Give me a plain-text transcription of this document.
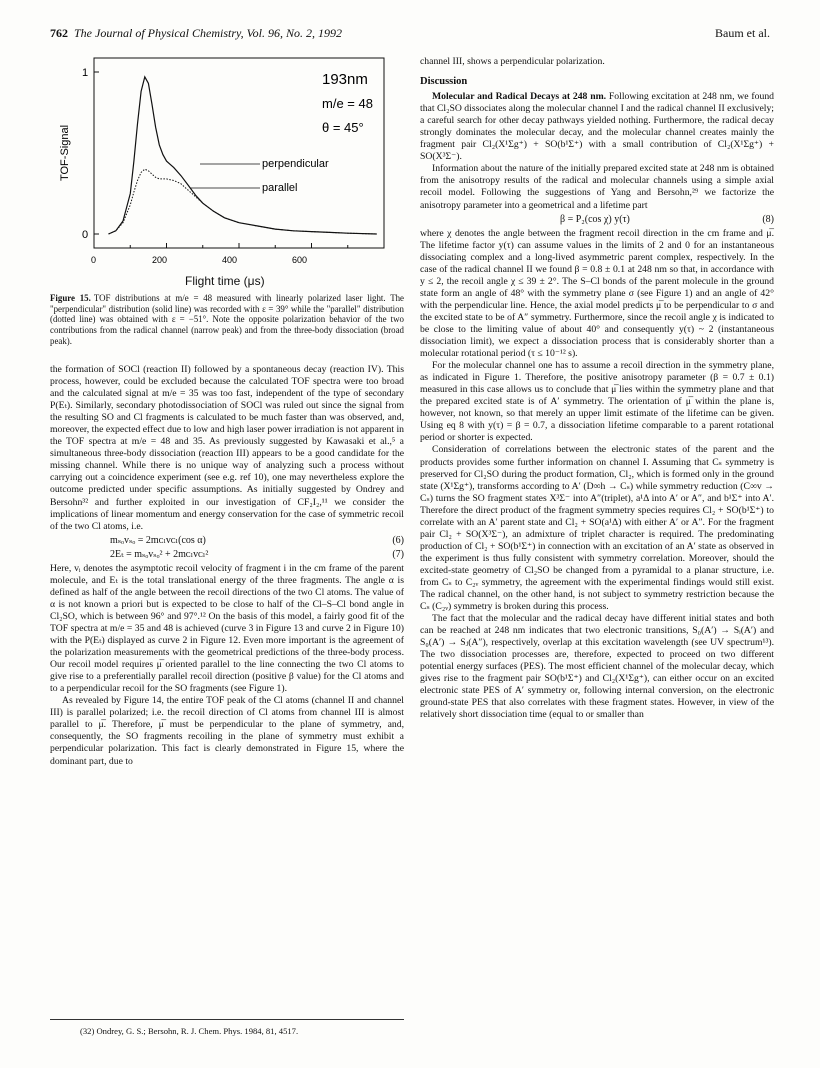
762 The Journal of Physical Chemistry, Vol. 96, No. 2, 1992	Baum et al.
1
0
0	200	400	600
TOF-Signal
193nm
m/e = 48
θ = 45°
perpendicular
parallel
Flight time (μs)
Figure 15. TOF distributions at m/e = 48 measured with linearly polarized laser light. The "perpendicular" distribution (solid line) was recorded with ε = 39° while the "parallel" distribution (dotted line) was obtained with ε = −51°. Note the opposite polarization behavior of the two contributions from the radical channel (narrow peak) and from the three-body dissociation (broad peak).

the formation of SOCl (reaction II) followed by a spontaneous decay (reaction IV). This process, however, could be excluded because the calculated TOF spectra were too broad and the calculated signal at m/e = 35 was too fast, independent of the type of secondary P(Eₜ). Similarly, secondary photodissociation of SOCl was ruled out since the signal from the resulting SO and Cl fragments is calculated to be much faster than was observed, and, moreover, the expected effect due to low and high laser power irradiation is not apparent in the TOF spectra at m/e = 48 and 35. As previously suggested by Kawasaki et al.,⁵ a simultaneous three-body dissociation (reaction III) appears to be a good candidate for the missing channel. While there is no unique way of analyzing such a process without carrying out a coincidence experiment (see e.g. ref 10), one may nevertheless explore the outcome predicted under specific assumptions. As initially suggested by Ondrey and Bersohn³² and further exploited in our investigation of CF₂I₂,¹¹ we consider the implications of linear momentum and energy conservation for the case of symmetric recoil of the two Cl atoms, i.e.

mₛₒvₛₒ = 2mᴄₗvᴄₗ(cos α)	(6)
2Eₜ = mₛₒvₛₒ² + 2mᴄₗvᴄₗ²	(7)

Here, vᵢ denotes the asymptotic recoil velocity of fragment i in the cm frame of the parent molecule, and Eₜ is the total translational energy of the three fragments. The angle α is defined as half of the angle between the recoil directions of the two Cl atoms. The value of α is not known a priori but is expected to be close to half of the Cl–S–Cl bond angle in Cl₂SO, which is between 96° and 97°.¹² On the basis of this model, a fairly good fit of the TOF spectra at m/e = 35 and 48 is achieved (curve 3 in Figure 13 and curve 2 in Figure 10) with the P(Eₜ) displayed as curve 2 in Figure 12. Even more important is the agreement of the polarization measurements with the geometrical predictions of the three-body process. Our recoil model requires μ̅ oriented parallel to the line connecting the two Cl atoms to give rise to a preferentially parallel recoil direction (positive β value) for the Cl atoms and to a perpendicular recoil for the SO fragments (see Figure 1).

As revealed by Figure 14, the entire TOF peak of the Cl atoms (channel II and channel III) is parallel polarized; i.e. the recoil direction of Cl atoms from channel III is almost parallel to μ̅. Therefore, μ̅ must be perpendicular to the plane of symmetry, and, consequently, the SO fragments recoiling in the plane of symmetry must exhibit a perpendicular polarization. This fact is clearly demonstrated in Figure 15, where the dominant part, due to

(32) Ondrey, G. S.; Bersohn, R. J. Chem. Phys. 1984, 81, 4517.

channel III, shows a perpendicular polarization.

Discussion

Molecular and Radical Decays at 248 nm. Following excitation at 248 nm, we found that Cl₂SO dissociates along the molecular channel I and the radical channel II exclusively; a careful search for other decay pathways yielded nothing. Furthermore, the radical decay strongly dominates the molecular decay, and the molecular channel creates mainly the fragment pair Cl₂(X¹Σg⁺) + SO(b¹Σ⁺) with a small contribution of Cl₂(X¹Σg⁺) + SO(X³Σ⁻).

Information about the nature of the initially prepared excited state at 248 nm is obtained from the anisotropy results of the radical and molecular channels using a simple axial recoil model. Following the suggestions of Yang and Bersohn,²⁹ we factorize the anisotropy parameter into a geometrical and a lifetime part

β = P₂(cos χ) y(τ)	(8)

where χ denotes the angle between the fragment recoil direction in the cm frame and μ̅. The lifetime factor y(τ) can assume values in the limits of 2 and 0 for an instantaneous dissociating complex and a long-lived asymmetric parent complex, respectively. In the case of the radical channel II we found β = 0.8 ± 0.1 at 248 nm so that, in accordance with y ≤ 2, the recoil angle χ ≤ 39 ± 2°. The S–Cl bonds of the parent molecule in the ground state form an angle of 48° with the symmetry plane σ (see Figure 1) and an angle of 42° with the perpendicular line. Hence, the axial model predicts μ̅ to be perpendicular to σ and the excited state to be of A″ symmetry. Furthermore, since the recoil angle χ is indicated to be close to the limiting value of about 40° and consequently y(τ) ~ 2 (instantaneous dissociation limit), we expect a dissociation process that is considerably shorter than a molecular rotational period (τ ≤ 10⁻¹² s).

For the molecular channel one has to assume a recoil direction in the symmetry plane, as indicated in Figure 1. Therefore, the positive anisotropy parameter (β = 0.7 ± 0.1) measured in this case allows us to conclude that μ̅ lies within the symmetry plane and that the prepared excited state is of A′ symmetry. The orientation of μ̅ within the plane is, however, not known, so that merely an upper limit estimate of the lifetime can be given. Using eq 8 with y(τ) = β = 0.7, a dissociation lifetime comparable to a parent rotational period or shorter is expected.

Consideration of correlations between the electronic states of the parent and the products provides some further information on channel I. Assuming that Cₛ symmetry is preserved for Cl₂SO during the product formation, Cl₂, which is formed only in the ground state (X¹Σg⁺), transforms according to A′ (D∞h → Cₛ) while symmetry reduction (C∞v → Cₛ) turns the SO fragment states X³Σ⁻ into A″(triplet), a¹Δ into A′ or A″, and b¹Σ⁺ into A′. Therefore the direct product of the fragment symmetry species requires Cl₂ + SO(b¹Σ⁺) to correlate with an A′ parent state and Cl₂ + SO(a¹Δ) with either A′ or A″. For the fragment pair Cl₂ + SO(X³Σ⁻), an admixture of triplet character is required. The predominating production of Cl₂ + SO(b¹Σ⁺) in connection with an excitation of an A′ state as observed in the experiment is thus fully consistent with symmetry correlation. Moreover, should the excited-state geometry of Cl₂SO be changed from a pyramidal to a planar structure, i.e. from Cₛ to C₂ᵥ symmetry, the agreement with the experimental findings would still exist. The radical channel, on the other hand, is not subject to symmetry restriction because the Cₛ (C₂ᵥ) symmetry is broken during this process.

The fact that the molecular and the radical decay have different initial states and both can be reached at 248 nm indicates that two electronic transitions, S₀(A′) → Sᵢ(A′) and S₀(A′) → Sⱼ(A″), respectively, overlap at this excitation wavelength (see UV spectrum¹³). The two dissociation processes are, therefore, expected to proceed on two different potential energy surfaces (PES). The most efficient channel of the molecular decay, which gives rise to the fragment pair SO(b¹Σ⁺) and Cl₂(X¹Σg⁺), can either occur on an excited electronic state PES of A′ symmetry or, following internal conversion, on the electronic ground-state PES that also correlates with these fragment states. However, in view of the relatively short dissociation time (equal to or smaller than
